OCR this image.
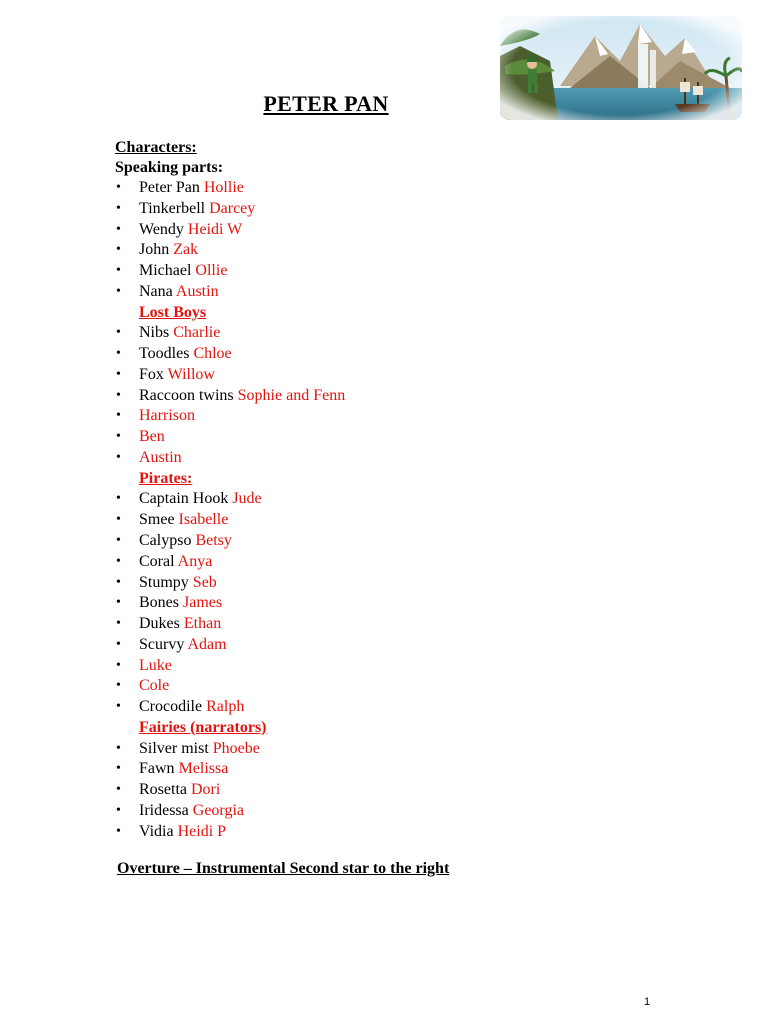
PETER PAN
Characters:
Speaking parts:
•	Peter Pan Hollie
•	Tinkerbell Darcey
•	Wendy Heidi W
•	John Zak
•	Michael Ollie
•	Nana Austin
Lost Boys
•	Nibs Charlie
•	Toodles Chloe
•	Fox Willow
•	Raccoon twins Sophie and Fenn
•	Harrison
•	Ben
•	Austin
Pirates:
•	Captain Hook Jude
•	Smee Isabelle
•	Calypso Betsy
•	Coral Anya
•	Stumpy Seb
•	Bones James
•	Dukes Ethan
•	Scurvy Adam
•	Luke
•	Cole
•	Crocodile Ralph
Fairies (narrators)
•	Silver mist Phoebe
•	Fawn Melissa
•	Rosetta Dori
•	Iridessa Georgia
•	Vidia Heidi P
Overture – Instrumental Second star to the right
1
